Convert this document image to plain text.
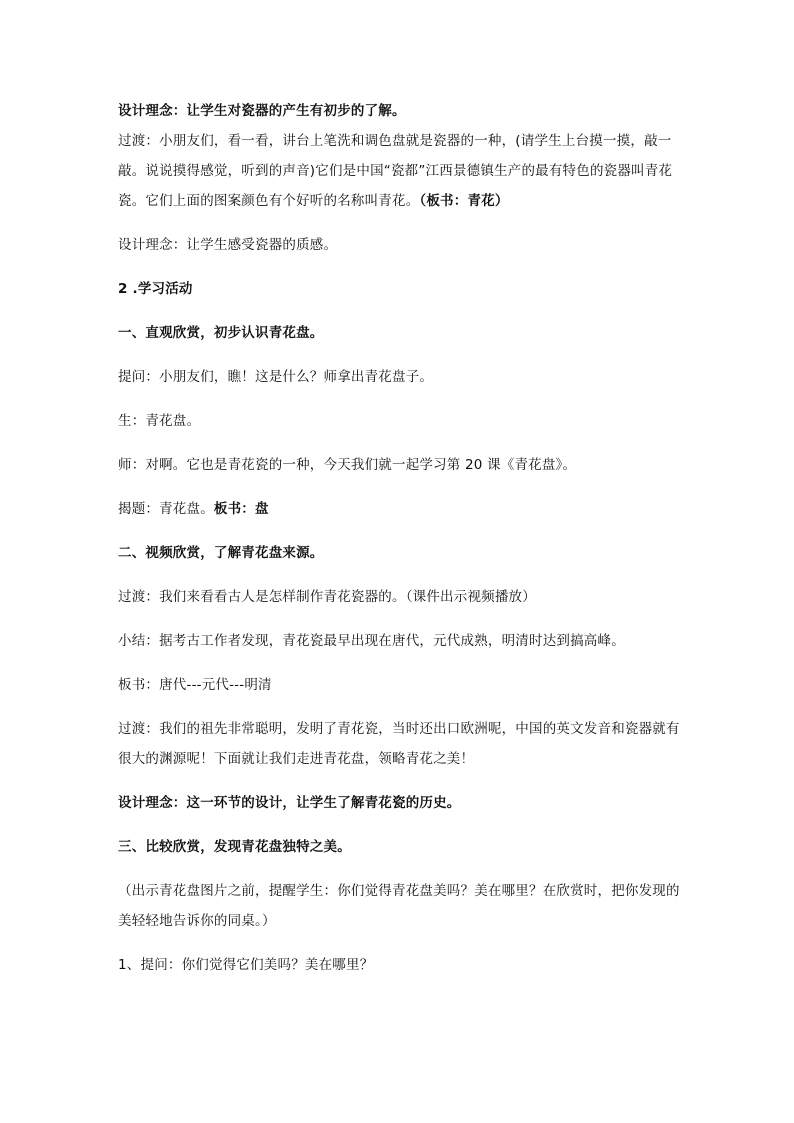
设计理念：让学生对瓷器的产生有初步的了解。

过渡：小朋友们，看一看，讲台上笔洗和调色盘就是瓷器的一种，(请学生上台摸一摸，敲一敲。说说摸得感觉，听到的声音)它们是中国“瓷都”江西景德镇生产的最有特色的瓷器叫青花瓷。它们上面的图案颜色有个好听的名称叫青花。（板书：青花）

设计理念：让学生感受瓷器的质感。

2 .学习活动

一、直观欣赏，初步认识青花盘。

提问：小朋友们，瞧！这是什么？师拿出青花盘子。

生：青花盘。

师：对啊。它也是青花瓷的一种，今天我们就一起学习第 20 课《青花盘》。

揭题：青花盘。板书：盘

二、视频欣赏，了解青花盘来源。

过渡：我们来看看古人是怎样制作青花瓷器的。（课件出示视频播放）

小结：据考古工作者发现，青花瓷最早出现在唐代，元代成熟，明清时达到搞高峰。

板书：唐代---元代---明清

过渡：我们的祖先非常聪明，发明了青花瓷，当时还出口欧洲呢，中国的英文发音和瓷器就有很大的渊源呢！下面就让我们走进青花盘，领略青花之美！

设计理念：这一环节的设计，让学生了解青花瓷的历史。

三、比较欣赏，发现青花盘独特之美。

（出示青花盘图片之前，提醒学生：你们觉得青花盘美吗？美在哪里？在欣赏时，把你发现的美轻轻地告诉你的同桌。）

1、提问：你们觉得它们美吗？美在哪里？
